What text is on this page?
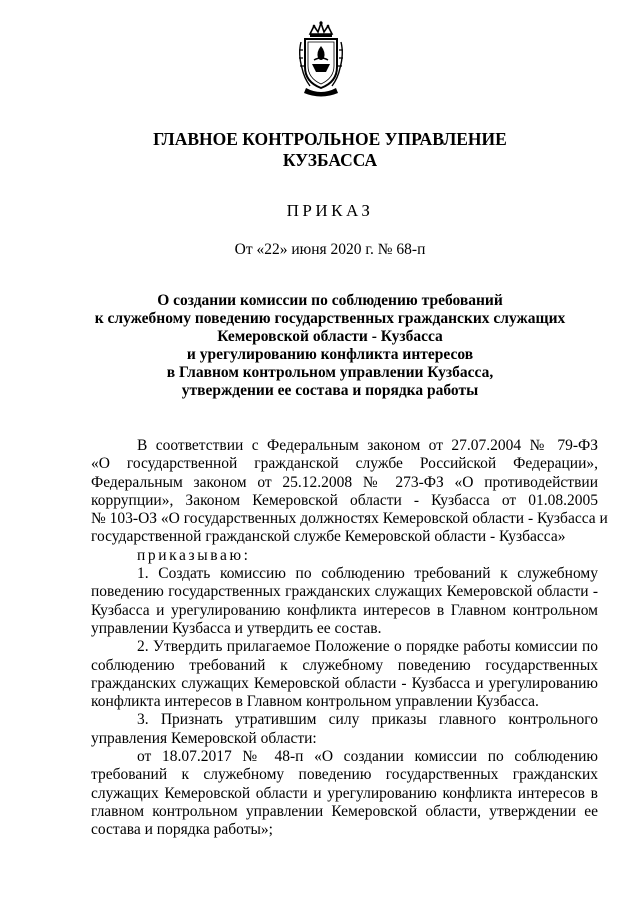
ГЛАВНОЕ КОНТРОЛЬНОЕ УПРАВЛЕНИЕ
КУЗБАССА
ПРИКАЗ
От «22» июня 2020 г. № 68-п
О создании комиссии по соблюдению требований
к служебному поведению государственных гражданских служащих
Кемеровской области - Кузбасса
и урегулированию конфликта интересов
в Главном контрольном управлении Кузбасса,
утверждении ее состава и порядка работы
В соответствии с Федеральным законом от 27.07.2004 № 79-ФЗ
«О государственной гражданской службе Российской Федерации»,
Федеральным законом от 25.12.2008 № 273-ФЗ «О противодействии
коррупции», Законом Кемеровской области - Кузбасса от 01.08.2005
№ 103-ОЗ «О государственных должностях Кемеровской области - Кузбасса и
государственной гражданской службе Кемеровской области - Кузбасса»
приказываю:
1. Создать комиссию по соблюдению требований к служебному
поведению государственных гражданских служащих Кемеровской области -
Кузбасса и урегулированию конфликта интересов в Главном контрольном
управлении Кузбасса и утвердить ее состав.
2. Утвердить прилагаемое Положение о порядке работы комиссии по
соблюдению требований к служебному поведению государственных
гражданских служащих Кемеровской области - Кузбасса и урегулированию
конфликта интересов в Главном контрольном управлении Кузбасса.
3. Признать утратившим силу приказы главного контрольного
управления Кемеровской области:
от 18.07.2017 № 48-п «О создании комиссии по соблюдению
требований к служебному поведению государственных гражданских
служащих Кемеровской области и урегулированию конфликта интересов в
главном контрольном управлении Кемеровской области, утверждении ее
состава и порядка работы»;
